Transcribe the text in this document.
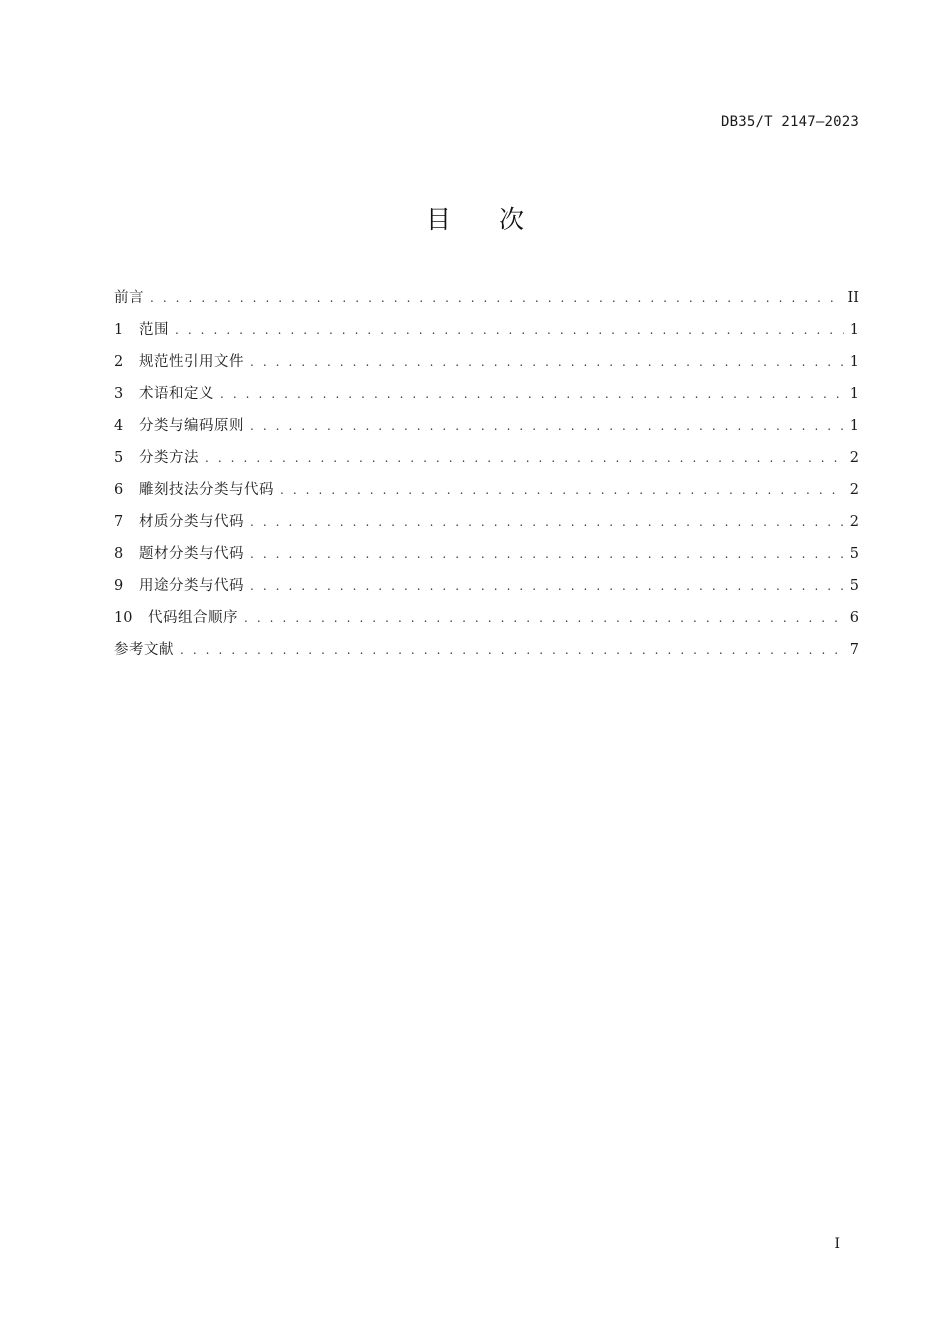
DB35/T 2147—2023
目 次
前言 . . .	II
1	范围 . . .	1
2	规范性引用文件 . . .	1
3	术语和定义 . . .	1
4	分类与编码原则 . . .	1
5	分类方法 . . .	2
6	雕刻技法分类与代码 . . .	2
7	材质分类与代码 . . .	2
8	题材分类与代码 . . .	5
9	用途分类与代码 . . .	5
10	代码组合顺序 . . .	6
参考文献 . . .	7
I
